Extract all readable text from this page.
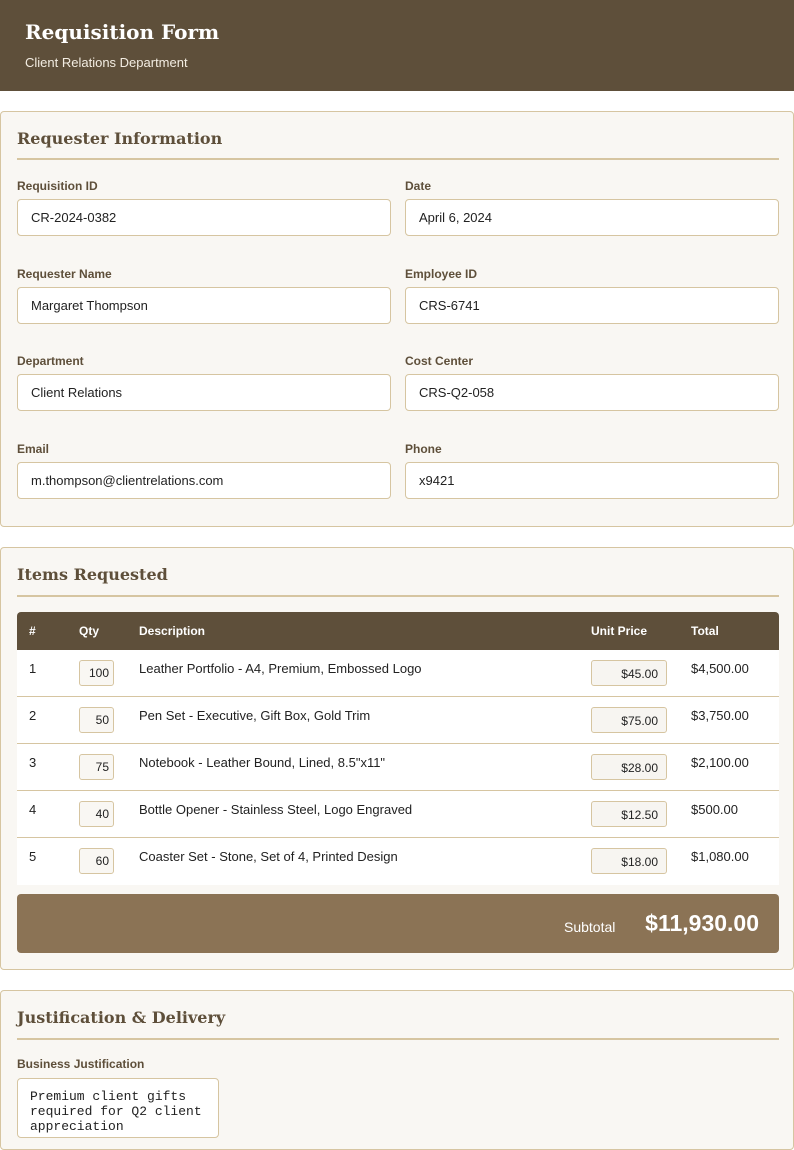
Requisition Form
Client Relations Department
Requester Information
Requisition ID
CR-2024-0382
Date
April 6, 2024
Requester Name
Margaret Thompson
Employee ID
CRS-6741
Department
Client Relations
Cost Center
CRS-Q2-058
Email
m.thompson@clientrelations.com
Phone
x9421
Items Requested
#	Qty	Description	Unit Price	Total
1	100	Leather Portfolio - A4, Premium, Embossed Logo	$45.00	$4,500.00
2	50	Pen Set - Executive, Gift Box, Gold Trim	$75.00	$3,750.00
3	75	Notebook - Leather Bound, Lined, 8.5"x11"	$28.00	$2,100.00
4	40	Bottle Opener - Stainless Steel, Logo Engraved	$12.50	$500.00
5	60	Coaster Set - Stone, Set of 4, Printed Design	$18.00	$1,080.00
Subtotal $11,930.00
Justification & Delivery
Business Justification
Premium client gifts required for Q2 client appreciation
